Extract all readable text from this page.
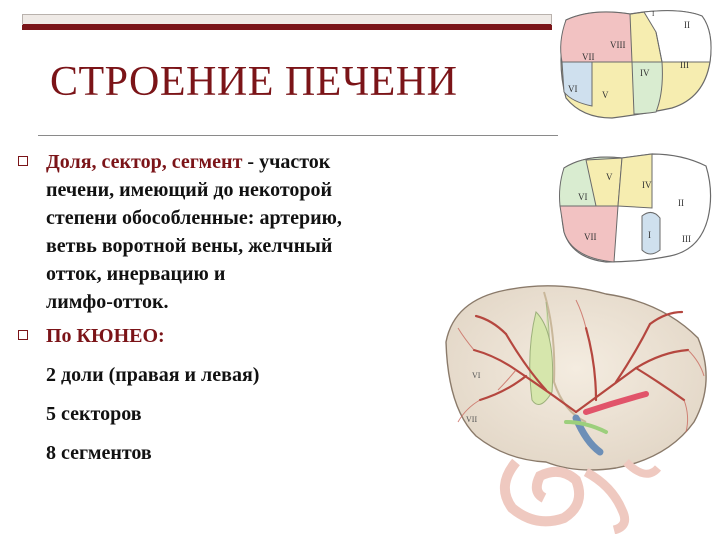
СТРОЕНИЕ ПЕЧЕНИ
Доля, сектор, сегмент - участок
печени, имеющий до некоторой
степени обособленные: артерию,
ветвь воротной вены, желчный
отток, инервацию и
лимфо-отток.
По КЮНЕО:
2 доли (правая и левая)
5 секторов
8 сегментов
VII
VIII
II
IV
III
VI
V
I
V
IV
VI
II
VII	I	III
VI
VII
